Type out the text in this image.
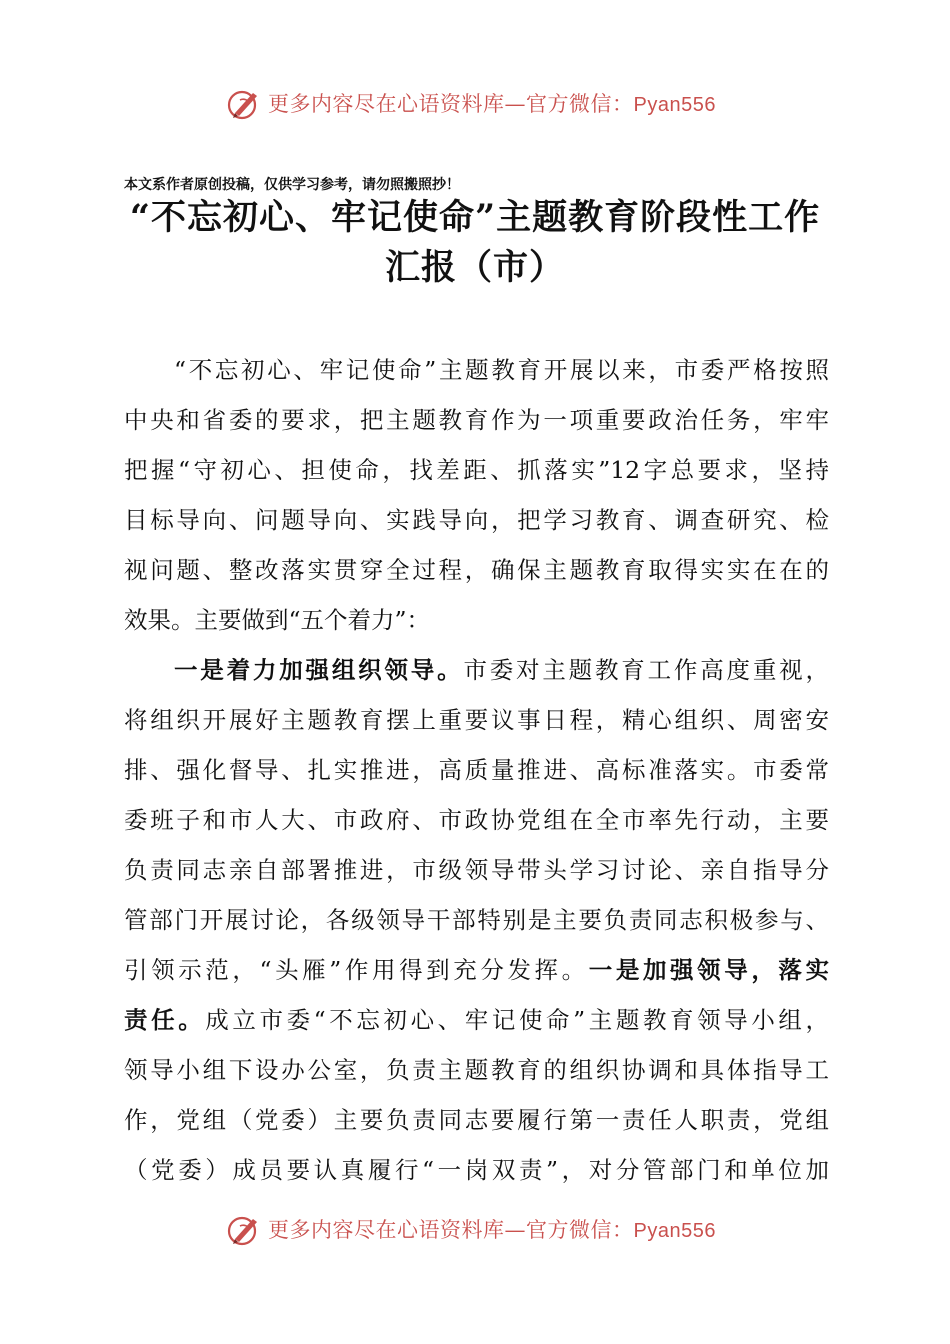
更多内容尽在心语资料库—官方微信：Pyan556
本文系作者原创投稿，仅供学习参考，请勿照搬照抄！
“不忘初心、牢记使命”主题教育阶段性工作
汇报（市）
“不忘初心、牢记使命”主题教育开展以来，市委严格按照
中央和省委的要求，把主题教育作为一项重要政治任务，牢牢
把握“守初心、担使命，找差距、抓落实”12字总要求，坚持
目标导向、问题导向、实践导向，把学习教育、调查研究、检
视问题、整改落实贯穿全过程，确保主题教育取得实实在在的
效果。主要做到“五个着力”：
一是着力加强组织领导。市委对主题教育工作高度重视，
将组织开展好主题教育摆上重要议事日程，精心组织、周密安
排、强化督导、扎实推进，高质量推进、高标准落实。市委常
委班子和市人大、市政府、市政协党组在全市率先行动，主要
负责同志亲自部署推进，市级领导带头学习讨论、亲自指导分
管部门开展讨论，各级领导干部特别是主要负责同志积极参与、
引领示范，“头雁”作用得到充分发挥。一是加强领导，落实
责任。成立市委“不忘初心、牢记使命”主题教育领导小组，
领导小组下设办公室，负责主题教育的组织协调和具体指导工
作，党组（党委）主要负责同志要履行第一责任人职责，党组
（党委）成员要认真履行“一岗双责”，对分管部门和单位加
更多内容尽在心语资料库—官方微信：Pyan556
